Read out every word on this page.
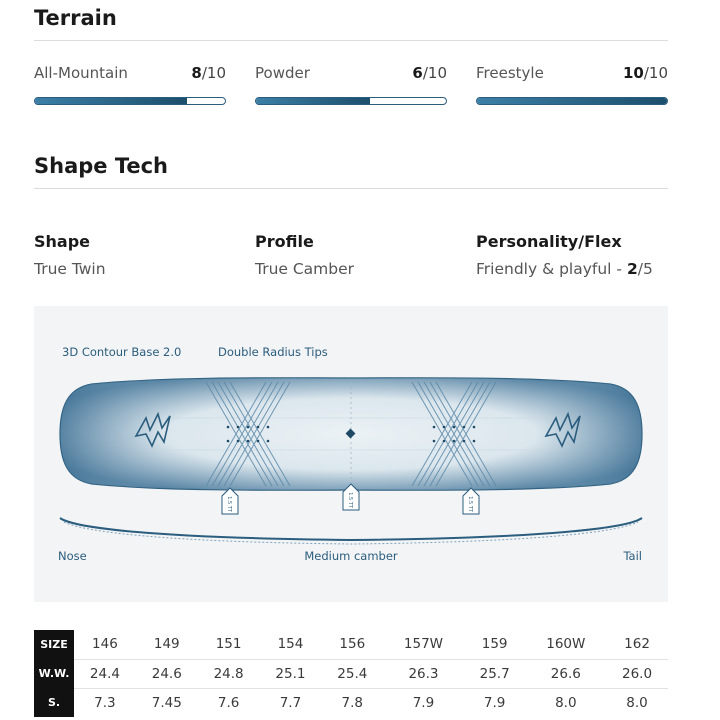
Terrain
All-Mountain	8/10 Powder	6/10 Freestyle	10/10
Shape Tech
Shape
True Twin
Profile
True Camber
Personality/Flex
Friendly & playful - 2/5
3D Contour Base 2.0	Double Radius Tips
1.5 TT	1.5 TT	1.5 TT
Nose	Medium camber	Tail
SIZE	146	149	151	154	156	157W	159	160W	162
W.W.	24.4	24.6	24.8	25.1	25.4	26.3	25.7	26.6	26.0
S.	7.3	7.45	7.6	7.7	7.8	7.9	7.9	8.0	8.0
